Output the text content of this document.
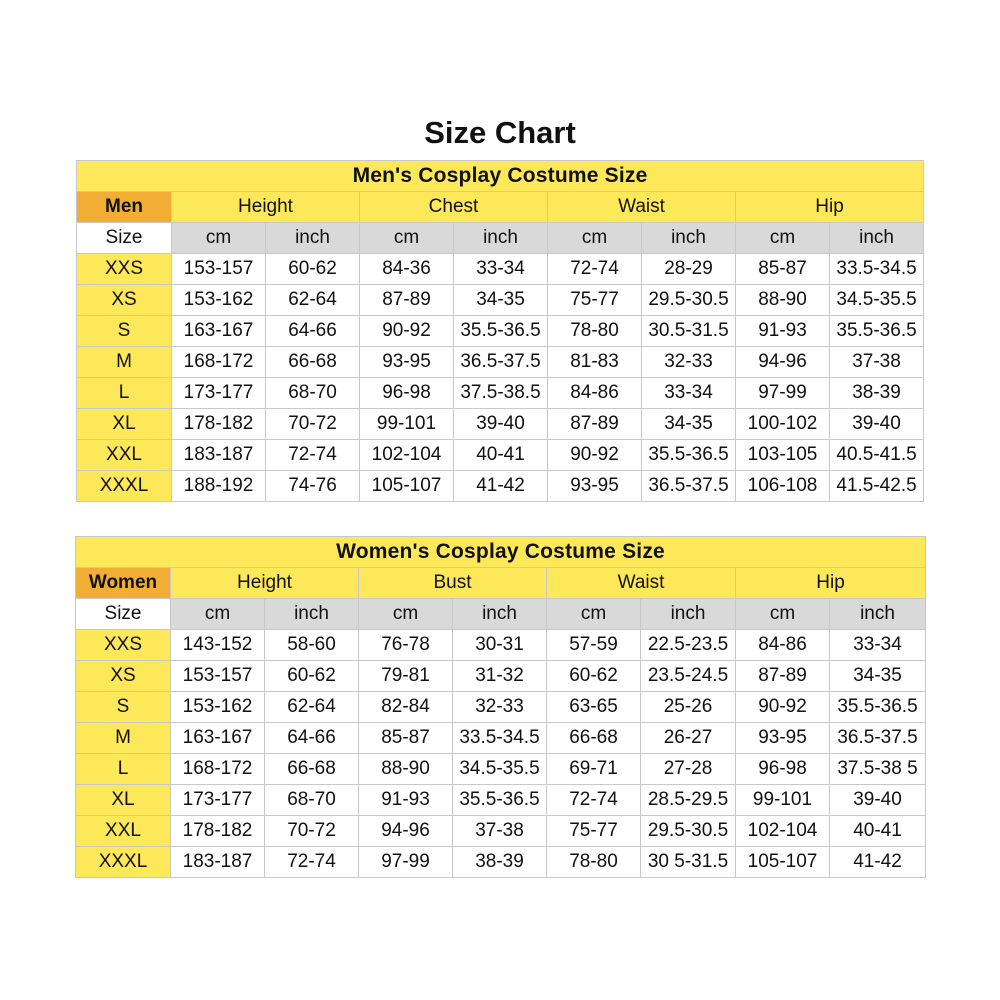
Size Chart
Men's Cosplay Costume Size								
Men	Height		Chest		Waist		Hip	
Size	cm	inch	cm	inch	cm	inch	cm	inch
XXS	153-157	60-62	84-36	33-34	72-74	28-29	85-87	33.5-34.5
XS	153-162	62-64	87-89	34-35	75-77	29.5-30.5	88-90	34.5-35.5
S	163-167	64-66	90-92	35.5-36.5	78-80	30.5-31.5	91-93	35.5-36.5
M	168-172	66-68	93-95	36.5-37.5	81-83	32-33	94-96	37-38
L	173-177	68-70	96-98	37.5-38.5	84-86	33-34	97-99	38-39
XL	178-182	70-72	99-101	39-40	87-89	34-35	100-102	39-40
XXL	183-187	72-74	102-104	40-41	90-92	35.5-36.5	103-105	40.5-41.5
XXXL	188-192	74-76	105-107	41-42	93-95	36.5-37.5	106-108	41.5-42.5
Women's Cosplay Costume Size								
Women	Height		Bust		Waist		Hip	
Size	cm	inch	cm	inch	cm	inch	cm	inch
XXS	143-152	58-60	76-78	30-31	57-59	22.5-23.5	84-86	33-34
XS	153-157	60-62	79-81	31-32	60-62	23.5-24.5	87-89	34-35
S	153-162	62-64	82-84	32-33	63-65	25-26	90-92	35.5-36.5
M	163-167	64-66	85-87	33.5-34.5	66-68	26-27	93-95	36.5-37.5
L	168-172	66-68	88-90	34.5-35.5	69-71	27-28	96-98	37.5-38 5
XL	173-177	68-70	91-93	35.5-36.5	72-74	28.5-29.5	99-101	39-40
XXL	178-182	70-72	94-96	37-38	75-77	29.5-30.5	102-104	40-41
XXXL	183-187	72-74	97-99	38-39	78-80	30 5-31.5	105-107	41-42
